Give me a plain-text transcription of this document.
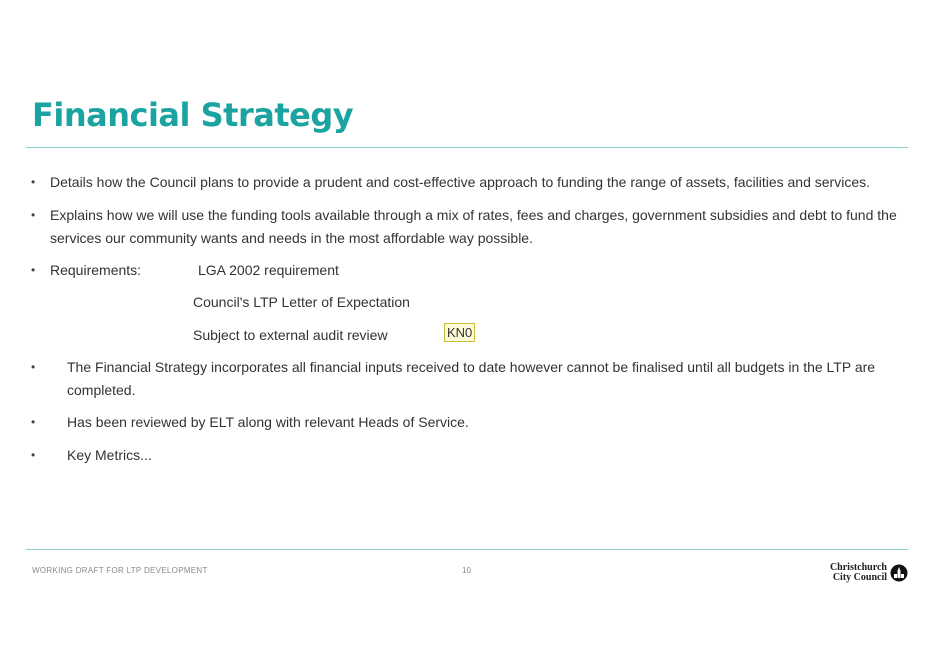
Financial Strategy
• Details how the Council plans to provide a prudent and cost-effective approach to funding the range of assets, facilities and services.
• Explains how we will use the funding tools available through a mix of rates, fees and charges, government subsidies and debt to fund the
services our community wants and needs in the most affordable way possible.
• Requirements:	LGA 2002 requirement
Council's LTP Letter of Expectation
Subject to external audit review	KN0
• The Financial Strategy incorporates all financial inputs received to date however cannot be finalised until all budgets in the LTP are
completed.
• Has been reviewed by ELT along with relevant Heads of Service.
• Key Metrics...
WORKING DRAFT FOR LTP DEVELOPMENT	10	Christchurch
City Council
